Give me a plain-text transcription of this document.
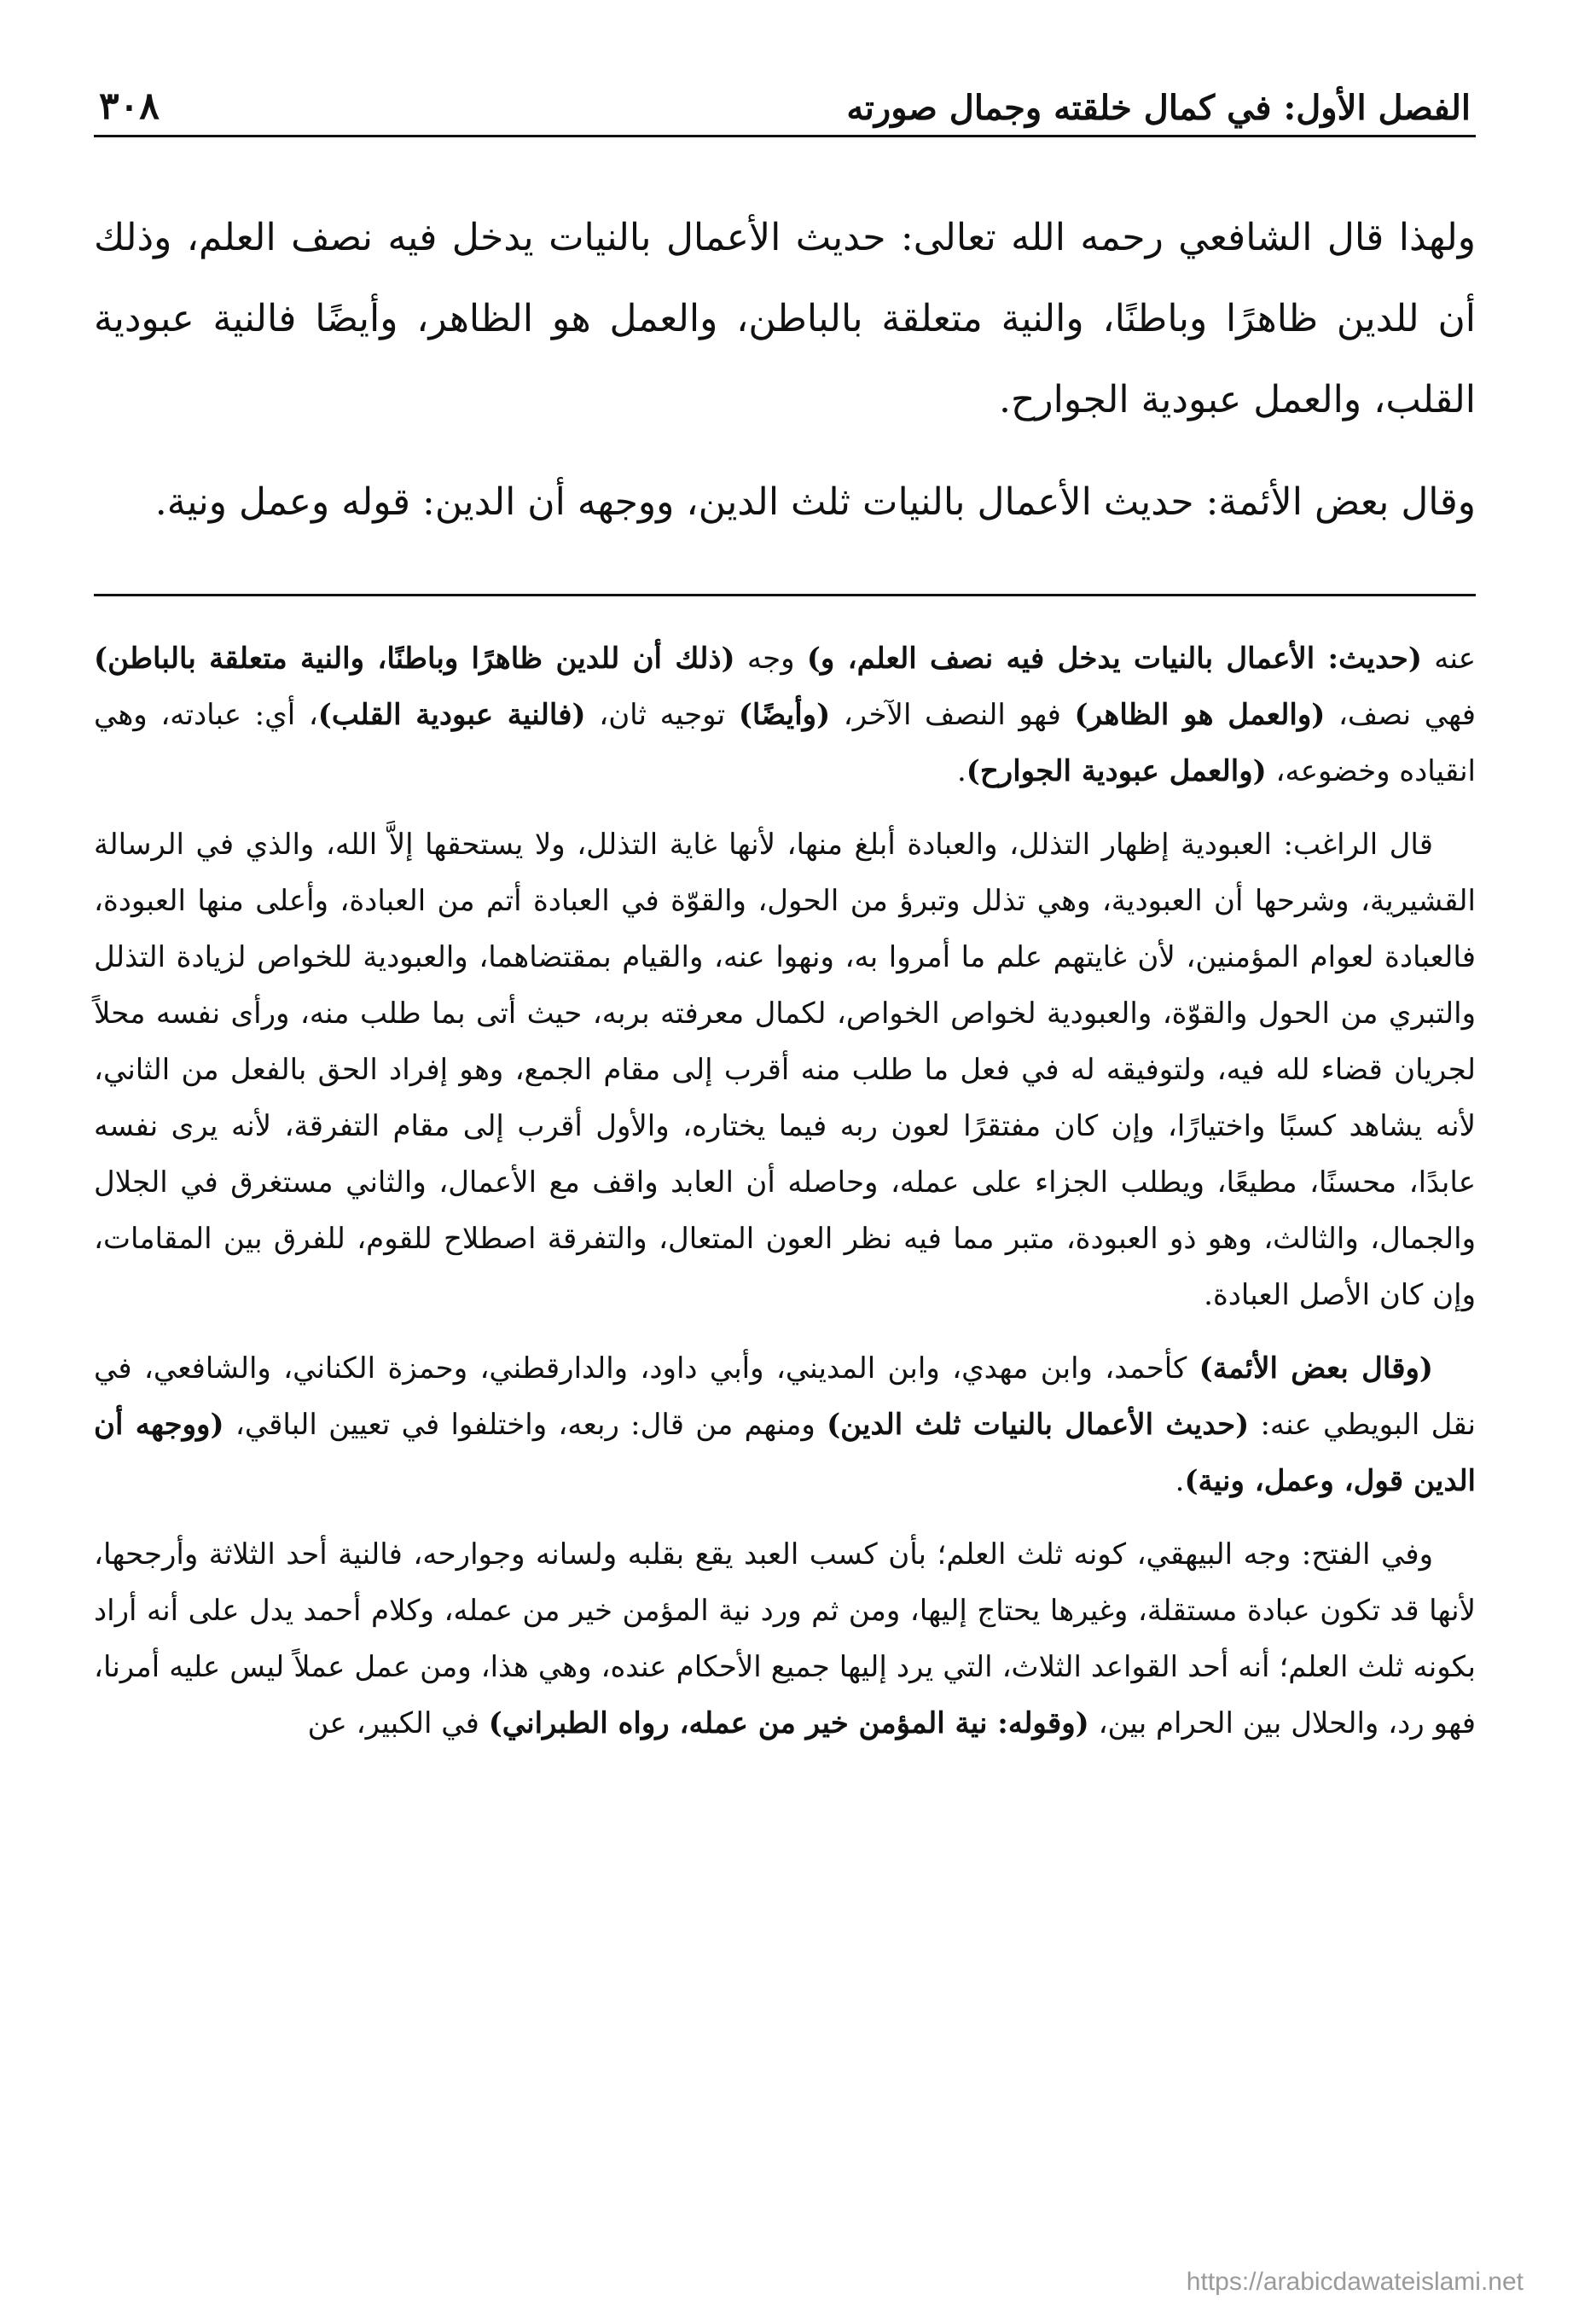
الفصل الأول: في كمال خلقته وجمال صورته
٣٠٨

ولهذا قال الشافعي رحمه الله تعالى: حديث الأعمال بالنيات يدخل فيه نصف العلم، وذلك أن للدين ظاهرًا وباطنًا، والنية متعلقة بالباطن، والعمل هو الظاهر، وأيضًا فالنية عبودية القلب، والعمل عبودية الجوارح.

وقال بعض الأئمة: حديث الأعمال بالنيات ثلث الدين، ووجهه أن الدين: قوله وعمل ونية.

عنه (حديث: الأعمال بالنيات يدخل فيه نصف العلم، و) وجه (ذلك أن للدين ظاهرًا وباطنًا، والنية متعلقة بالباطن) فهي نصف، (والعمل هو الظاهر) فهو النصف الآخر، (وأيضًا) توجيه ثان، (فالنية عبودية القلب)، أي: عبادته، وهي انقياده وخضوعه، (والعمل عبودية الجوارح).

قال الراغب: العبودية إظهار التذلل، والعبادة أبلغ منها، لأنها غاية التذلل، ولا يستحقها إلاَّ الله، والذي في الرسالة القشيرية، وشرحها أن العبودية، وهي تذلل وتبرؤ من الحول، والقوّة في العبادة أتم من العبادة، وأعلى منها العبودة، فالعبادة لعوام المؤمنين، لأن غايتهم علم ما أمروا به، ونهوا عنه، والقيام بمقتضاهما، والعبودية للخواص لزيادة التذلل والتبري من الحول والقوّة، والعبودية لخواص الخواص، لكمال معرفته بربه، حيث أتى بما طلب منه، ورأى نفسه محلاً لجريان قضاء لله فيه، ولتوفيقه له في فعل ما طلب منه أقرب إلى مقام الجمع، وهو إفراد الحق بالفعل من الثاني، لأنه يشاهد كسبًا واختيارًا، وإن كان مفتقرًا لعون ربه فيما يختاره، والأول أقرب إلى مقام التفرقة، لأنه يرى نفسه عابدًا، محسنًا، مطيعًا، ويطلب الجزاء على عمله، وحاصله أن العابد واقف مع الأعمال، والثاني مستغرق في الجلال والجمال، والثالث، وهو ذو العبودة، متبر مما فيه نظر العون المتعال، والتفرقة اصطلاح للقوم، للفرق بين المقامات، وإن كان الأصل العبادة.

(وقال بعض الأئمة) كأحمد، وابن مهدي، وابن المديني، وأبي داود، والدارقطني، وحمزة الكناني، والشافعي، في نقل البويطي عنه: (حديث الأعمال بالنيات ثلث الدين) ومنهم من قال: ربعه، واختلفوا في تعيين الباقي، (ووجهه أن الدين قول، وعمل، ونية).

وفي الفتح: وجه البيهقي، كونه ثلث العلم؛ بأن كسب العبد يقع بقلبه ولسانه وجوارحه، فالنية أحد الثلاثة وأرجحها، لأنها قد تكون عبادة مستقلة، وغيرها يحتاج إليها، ومن ثم ورد نية المؤمن خير من عمله، وكلام أحمد يدل على أنه أراد بكونه ثلث العلم؛ أنه أحد القواعد الثلاث، التي يرد إليها جميع الأحكام عنده، وهي هذا، ومن عمل عملاً ليس عليه أمرنا، فهو رد، والحلال بين الحرام بين، (وقوله: نية المؤمن خير من عمله، رواه الطبراني) في الكبير، عن

https://arabicdawateislami.net
